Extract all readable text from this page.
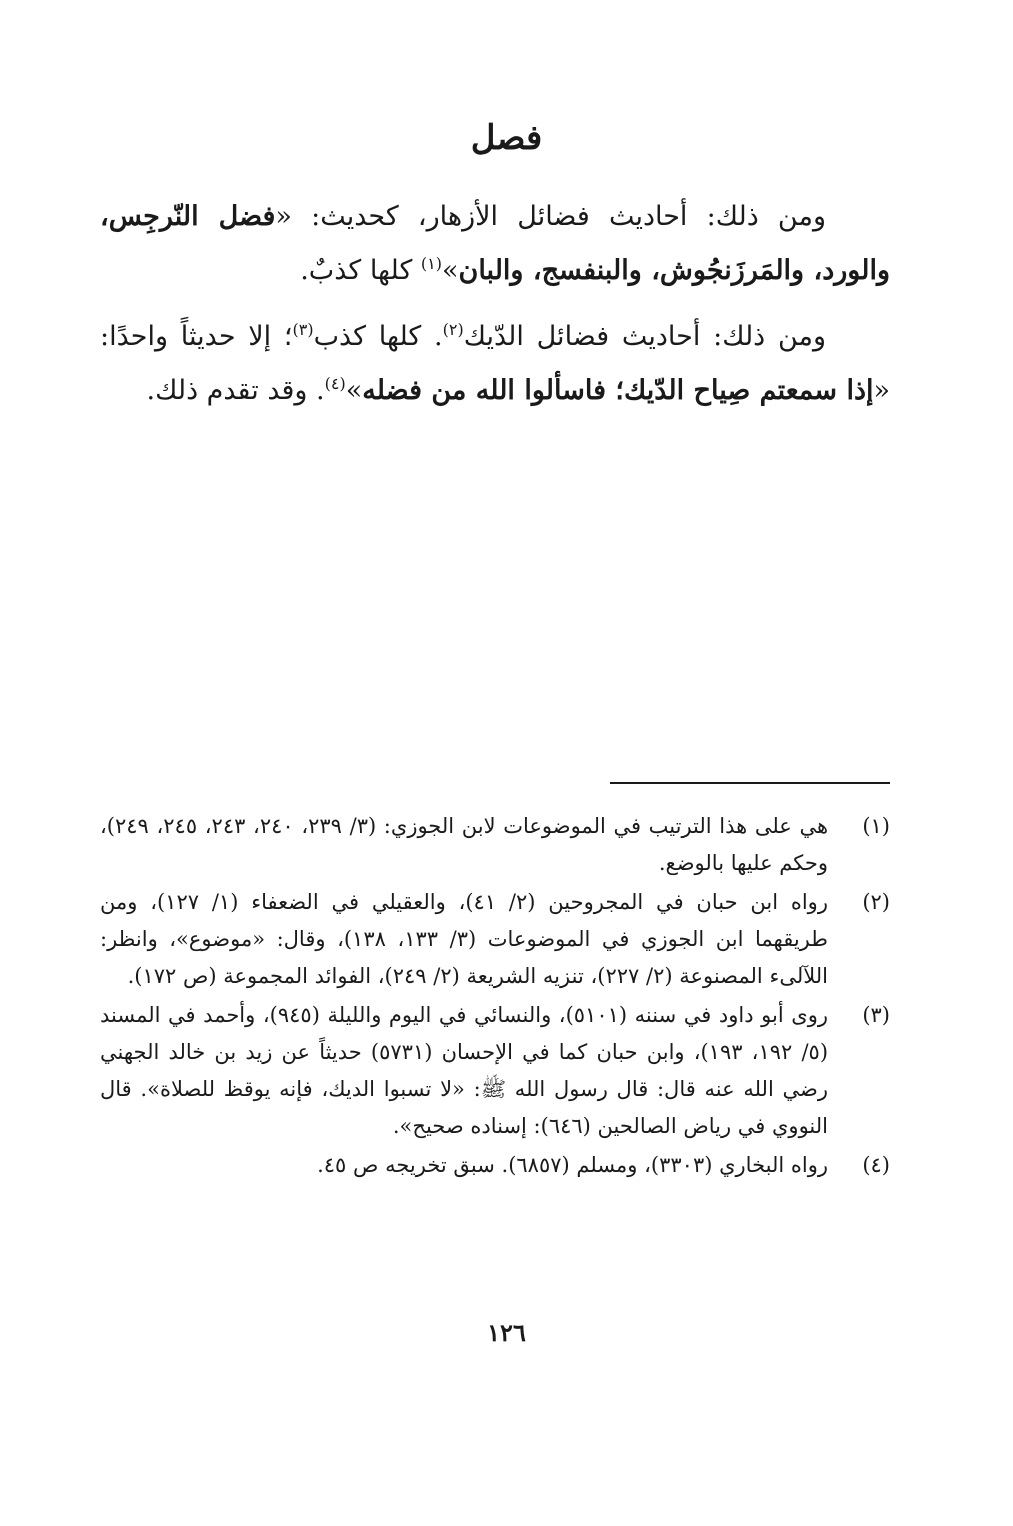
فصل

ومن ذلك: أحاديث فضائل الأزهار، كحديث: «فضل النّرجِس، والورد، والمَرزَنجُوش، والبنفسج، والبان»$^{(١)}$ كلها كذبٌ.

ومن ذلك: أحاديث فضائل الدّيك$^{(٢)}$. كلها كذب$^{(٣)}$؛ إلا حديثاً واحدًا: «إذا سمعتم صِياح الدّيك؛ فاسألوا الله من فضله»$^{(٤)}$. وقد تقدم ذلك.

(١)
هي على هذا الترتيب في الموضوعات لابن الجوزي: (٣/ ٢٣٩، ٢٤٠، ٢٤٣، ٢٤٥، ٢٤٩)، وحكم عليها بالوضع.
(٢)
رواه ابن حبان في المجروحين (٢/ ٤١)، والعقيلي في الضعفاء (١/ ١٢٧)، ومن طريقهما ابن الجوزي في الموضوعات (٣/ ١٣٣، ١٣٨)، وقال: «موضوع»، وانظر: اللآلىء المصنوعة (٢/ ٢٢٧)، تنزيه الشريعة (٢/ ٢٤٩)، الفوائد المجموعة (ص ١٧٢).
(٣)
روى أبو داود في سننه (٥١٠١)، والنسائي في اليوم والليلة (٩٤٥)، وأحمد في المسند (٥/ ١٩٢، ١٩٣)، وابن حبان كما في الإحسان (٥٧٣١) حديثاً عن زيد بن خالد الجهني رضي الله عنه قال: قال رسول الله ﷺ: «لا تسبوا الديك، فإنه يوقظ للصلاة». قال النووي في رياض الصالحين (٦٤٦): إسناده صحيح».
(٤)
رواه البخاري (٣٣٠٣)، ومسلم (٦٨٥٧). سبق تخريجه ص ٤٥.
١٢٦
